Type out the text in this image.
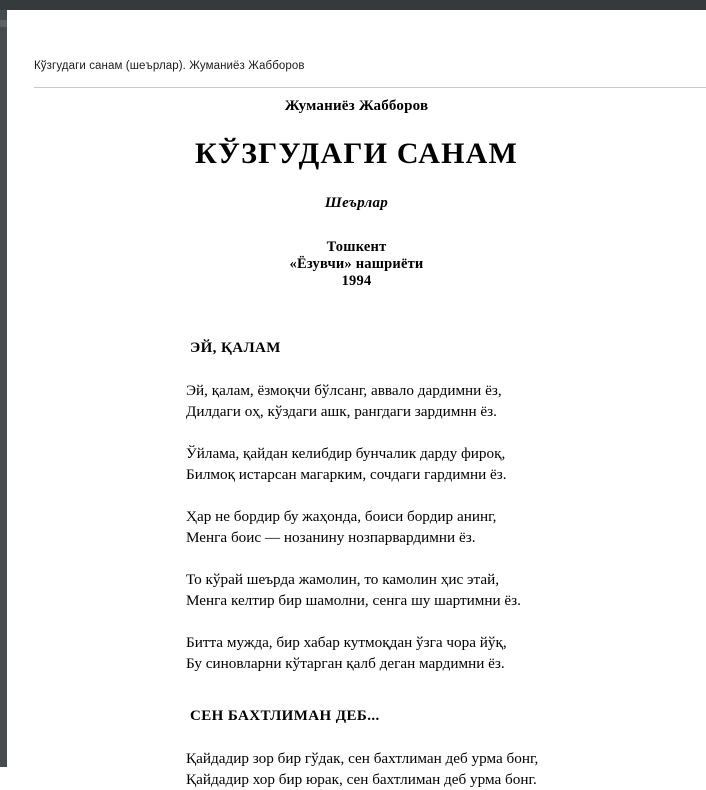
Кўзгудаги санам (шеърлар). Жуманиёз Жабборов
Жуманиёз Жабборов
КЎЗГУДАГИ САНАМ
Шеърлар
Тошкент
«Ёзувчи» нашриёти
1994
ЭЙ, ҚАЛАМ
Эй, қалам, ёзмоқчи бўлсанг, аввало дардимни ёз,
Дилдаги оҳ, кўздаги ашк, рангдаги зардимнн ёз.
Ўйлама, қайдан келибдир бунчалик дарду фироқ,
Билмоқ истарсан магарким, сочдаги гардимни ёз.
Ҳар не бордир бу жаҳонда, боиси бордир анинг,
Менга боис — нозанину нозпарвардимни ёз.
То кўрай шеърда жамолин, то камолин ҳис этай,
Менга келтир бир шамолни, сенга шу шартимни ёз.
Битта мужда, бир хабар кутмоқдан ўзга чора йўқ,
Бу синовларни кўтарган қалб деган мардимни ёз.
СЕН БАХТЛИМАН ДЕБ...
Қайдадир зор бир гўдак, сен бахтлиман деб урма бонг,
Қайдадир хор бир юрак, сен бахтлиман деб урма бонг.
